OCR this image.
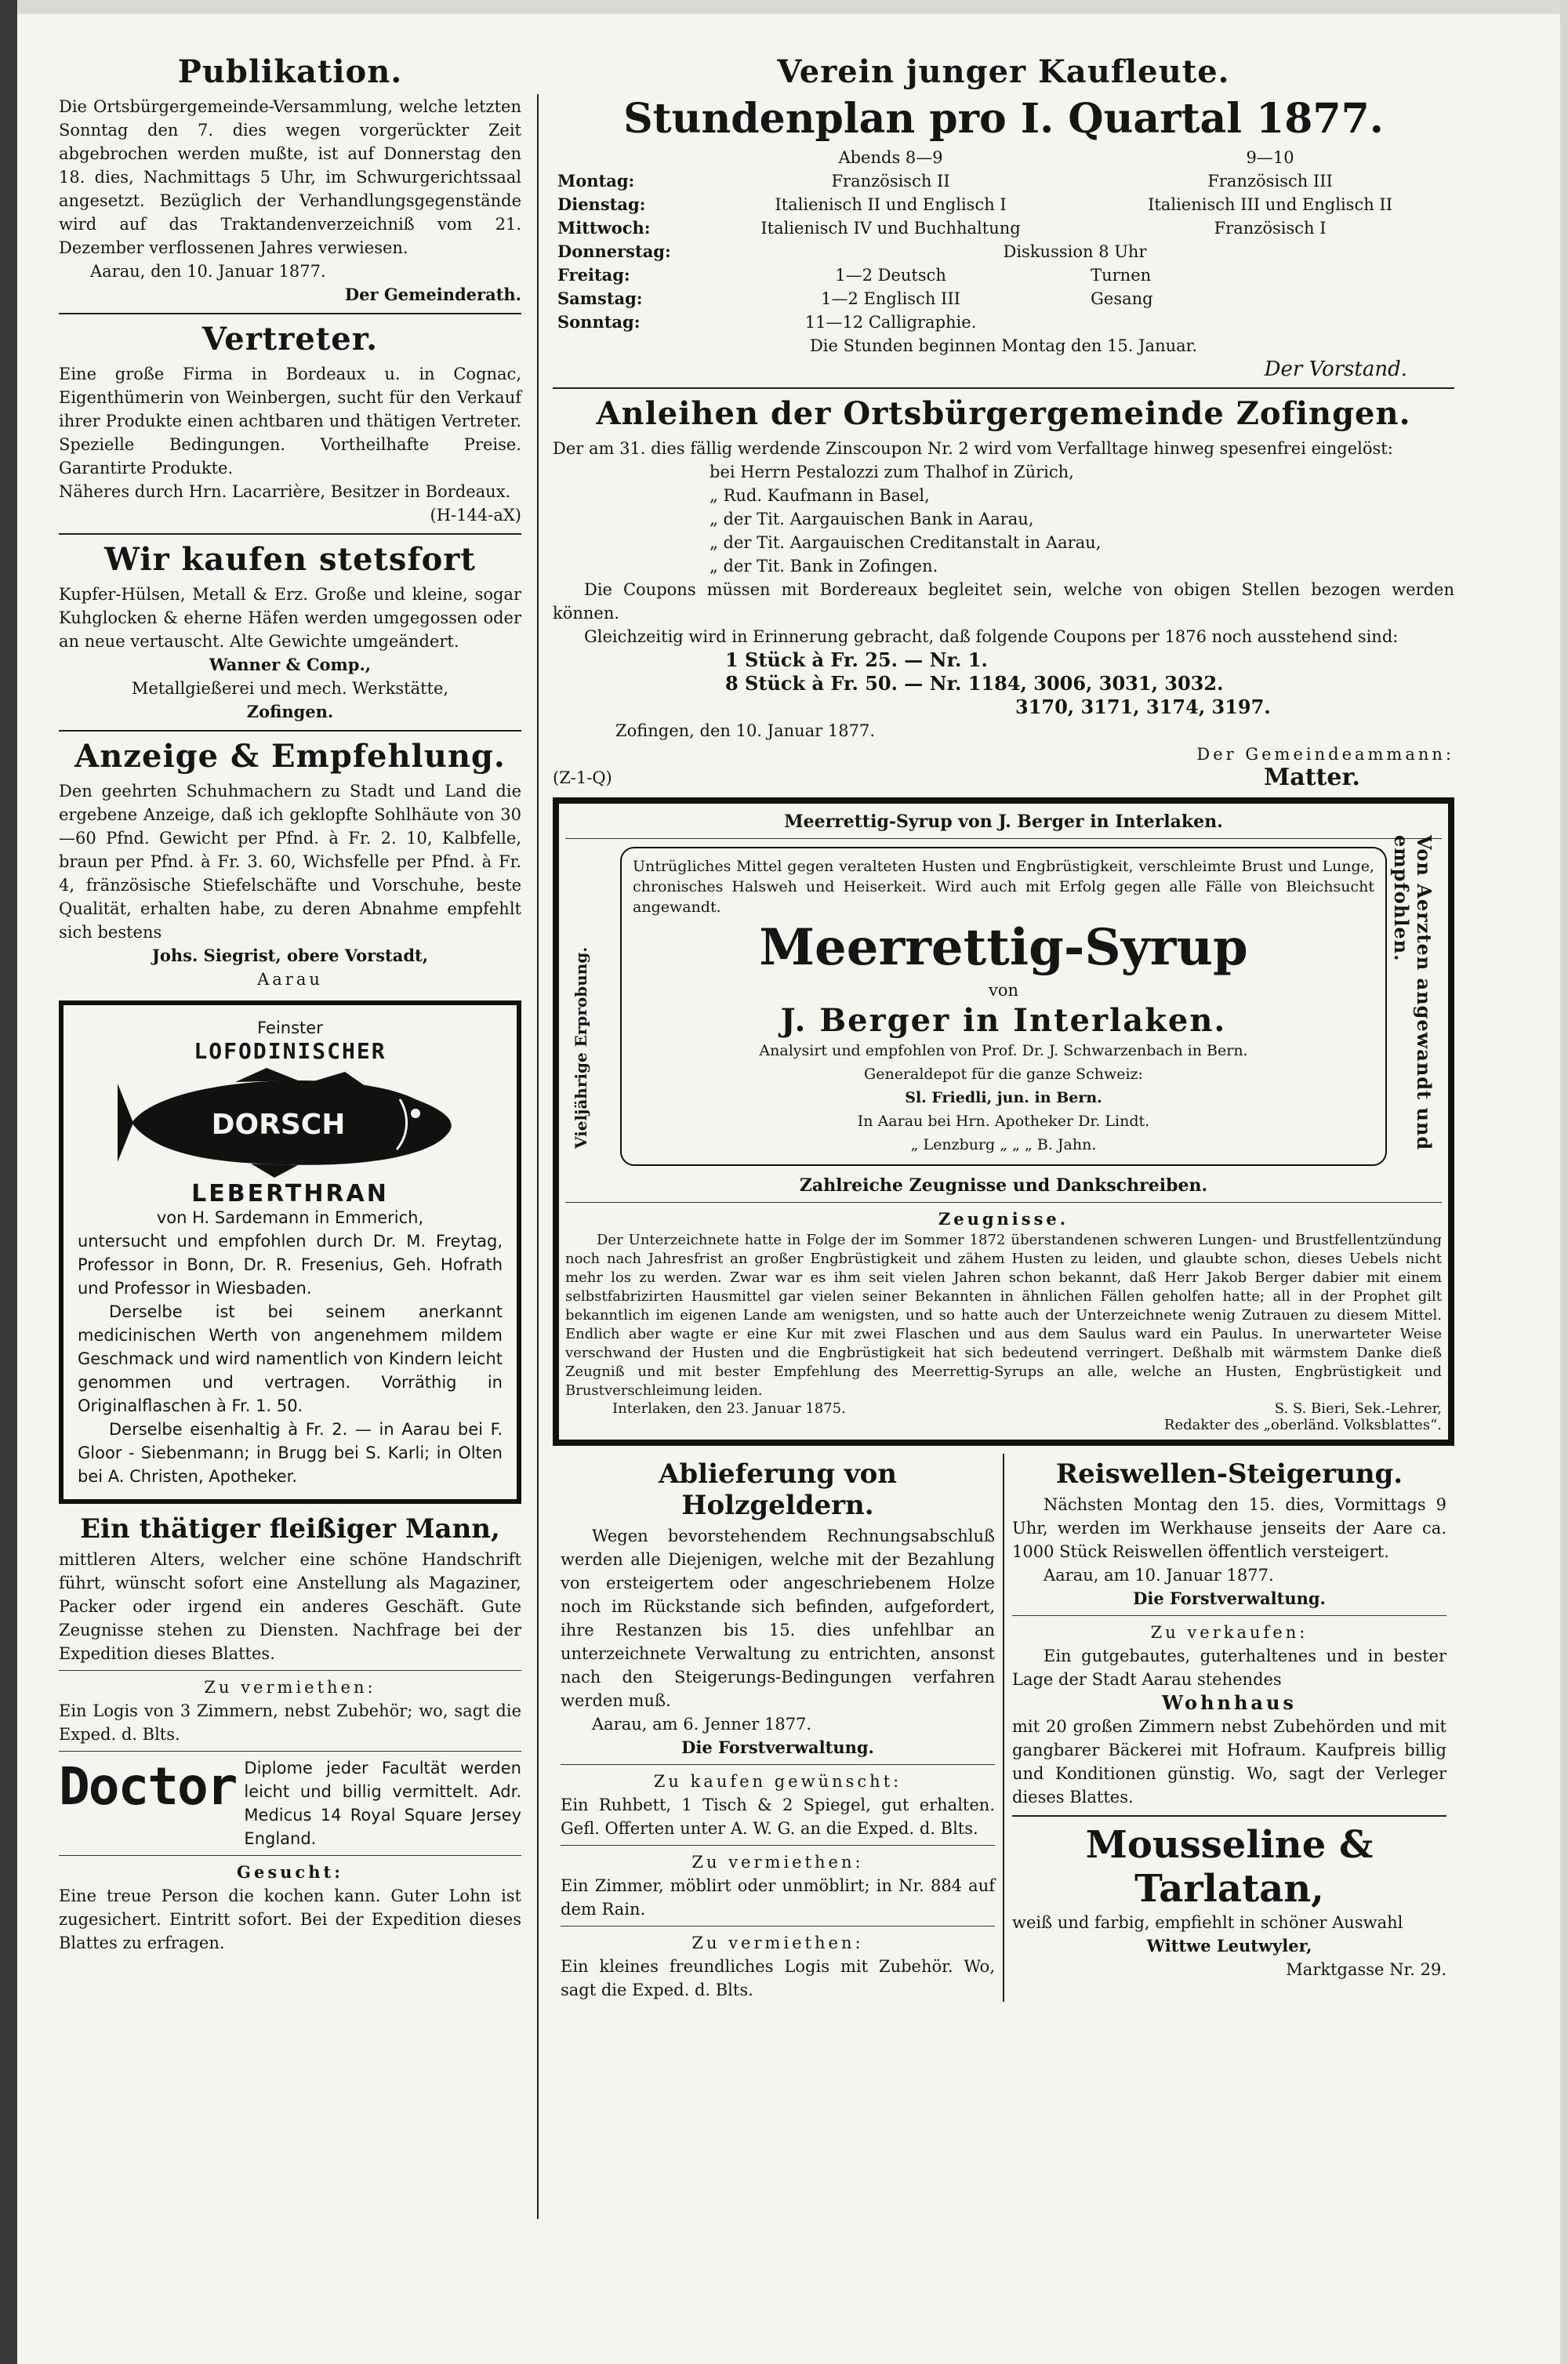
Publikation.

Die Ortsbürgergemeinde-Versammlung, welche letzten Sonntag den 7. dies wegen vorgerückter Zeit abgebrochen werden mußte, ist auf Donnerstag den 18. dies, Nachmittags 5 Uhr, im Schwurgerichtssaal angesetzt. Bezüglich der Verhandlungsgegenstände wird auf das Traktandenverzeichniß vom 21. Dezember verflossenen Jahres verwiesen.

Aarau, den 10. Januar 1877.

Der Gemeinderath.

Vertreter.

Eine große Firma in Bordeaux u. in Cognac, Eigenthümerin von Weinbergen, sucht für den Verkauf ihrer Produkte einen achtbaren und thätigen Vertreter. Spezielle Bedingungen. Vortheilhafte Preise. Garantirte Produkte.

Näheres durch Hrn. Lacarrière, Besitzer in Bordeaux.

(H-144-aX)

Wir kaufen stetsfort

Kupfer-Hülsen, Metall & Erz. Große und kleine, sogar Kuhglocken & eherne Häfen werden umgegossen oder an neue vertauscht. Alte Gewichte umgeändert.

Wanner & Comp.,

Metallgießerei und mech. Werkstätte,

Zofingen.

Anzeige & Empfehlung.

Den geehrten Schuhmachern zu Stadt und Land die ergebene Anzeige, daß ich geklopfte Sohlhäute von 30—60 Pfnd. Gewicht per Pfnd. à Fr. 2. 10, Kalbfelle, braun per Pfnd. à Fr. 3. 60, Wichsfelle per Pfnd. à Fr. 4, fränzösische Stiefelschäfte und Vorschuhe, beste Qualität, erhalten habe, zu deren Abnahme empfehlt sich bestens

Johs. Siegrist, obere Vorstadt,

Aarau

Feinster

LOFODINISCHER

DORSCH

LEBERTHRAN

von H. Sardemann in Emmerich,

untersucht und empfohlen durch Dr. M. Freytag, Professor in Bonn, Dr. R. Fresenius, Geh. Hofrath und Professor in Wiesbaden.

Derselbe ist bei seinem anerkannt medicinischen Werth von angenehmem mildem Geschmack und wird namentlich von Kindern leicht genommen und vertragen. Vorräthig in Originalflaschen à Fr. 1. 50.

Derselbe eisenhaltig à Fr. 2. — in Aarau bei F. Gloor - Siebenmann; in Brugg bei S. Karli; in Olten bei A. Christen, Apotheker.

Ein thätiger fleißiger Mann,

mittleren Alters, welcher eine schöne Handschrift führt, wünscht sofort eine Anstellung als Magaziner, Packer oder irgend ein anderes Geschäft. Gute Zeugnisse stehen zu Diensten. Nachfrage bei der Expedition dieses Blattes.

Zu vermiethen:

Ein Logis von 3 Zimmern, nebst Zubehör; wo, sagt die Exped. d. Blts.

Doctor Diplome jeder Facultät werden leicht und billig vermittelt. Adr. Medicus 14 Royal Square Jersey England.

Gesucht:

Eine treue Person die kochen kann. Guter Lohn ist zugesichert. Eintritt sofort. Bei der Expedition dieses Blattes zu erfragen.

Verein junger Kaufleute.
Stundenplan pro I. Quartal 1877.
	Abends 8—9	9—10
Montag:	Französisch II	Französisch III
Dienstag:	Italienisch II und Englisch I	Italienisch III und Englisch II
Mittwoch:	Italienisch IV und Buchhaltung	Französisch I
Donnerstag:	Diskussion 8 Uhr	
Freitag:	1—2 Deutsch	Turnen
Samstag:	1—2 Englisch III	Gesang
Sonntag:	11—12 Calligraphie.	

Die Stunden beginnen Montag den 15. Januar.

Der Vorstand.

Anleihen der Ortsbürgergemeinde Zofingen.

Der am 31. dies fällig werdende Zinscoupon Nr. 2 wird vom Verfalltage hinweg spesenfrei eingelöst:

bei Herrn Pestalozzi zum Thalhof in Zürich,

„ Rud. Kaufmann in Basel,

„ der Tit. Aargauischen Bank in Aarau,

„ der Tit. Aargauischen Creditanstalt in Aarau,

„ der Tit. Bank in Zofingen.

Die Coupons müssen mit Bordereaux begleitet sein, welche von obigen Stellen bezogen werden können.

Gleichzeitig wird in Erinnerung gebracht, daß folgende Coupons per 1876 noch ausstehend sind:

1 Stück à Fr. 25. — Nr. 1.

8 Stück à Fr. 50. — Nr. 1184, 3006, 3031, 3032.

3170, 3171, 3174, 3197.

Zofingen, den 10. Januar 1877.

Der Gemeindeammann:

(Z-1-Q)	Matter.

Meerrettig-Syrup von J. Berger in Interlaken.

Vieljährige Erprobung.	Von Aerzten angewandt und empfohlen.

Untrügliches Mittel gegen veralteten Husten und Engbrüstigkeit, verschleimte Brust und Lunge, chronisches Halsweh und Heiserkeit. Wird auch mit Erfolg gegen alle Fälle von Bleichsucht angewandt.

Meerrettig-Syrup

von

J. Berger in Interlaken.

Analysirt und empfohlen von Prof. Dr. J. Schwarzenbach in Bern.

Generaldepot für die ganze Schweiz:

Sl. Friedli, jun. in Bern.

In Aarau bei Hrn. Apotheker Dr. Lindt.

„ Lenzburg „ „ „ B. Jahn.

Zahlreiche Zeugnisse und Dankschreiben.

Zeugnisse.

Der Unterzeichnete hatte in Folge der im Sommer 1872 überstandenen schweren Lungen- und Brustfellentzündung noch nach Jahresfrist an großer Engbrüstigkeit und zähem Husten zu leiden, und glaubte schon, dieses Uebels nicht mehr los zu werden. Zwar war es ihm seit vielen Jahren schon bekannt, daß Herr Jakob Berger dabier mit einem selbstfabrizirten Hausmittel gar vielen seiner Bekannten in ähnlichen Fällen geholfen hatte; all in der Prophet gilt bekanntlich im eigenen Lande am wenigsten, und so hatte auch der Unterzeichnete wenig Zutrauen zu diesem Mittel. Endlich aber wagte er eine Kur mit zwei Flaschen und aus dem Saulus ward ein Paulus. In unerwarteter Weise verschwand der Husten und die Engbrüstigkeit hat sich bedeutend verringert. Deßhalb mit wärmstem Danke dieß Zeugniß und mit bester Empfehlung des Meerrettig-Syrups an alle, welche an Husten, Engbrüstigkeit und Brustverschleimung leiden.

Interlaken, den 23. Januar 1875.	S. S. Bieri, Sek.-Lehrer,
Redakter des „oberländ. Volksblattes“.
Ablieferung von Holzgeldern.

Wegen bevorstehendem Rechnungsabschluß werden alle Diejenigen, welche mit der Bezahlung von ersteigertem oder angeschriebenem Holze noch im Rückstande sich befinden, aufgefordert, ihre Restanzen bis 15. dies unfehlbar an unterzeichnete Verwaltung zu entrichten, ansonst nach den Steigerungs-Bedingungen verfahren werden muß.

Aarau, am 6. Jenner 1877.

Die Forstverwaltung.

Zu kaufen gewünscht:

Ein Ruhbett, 1 Tisch & 2 Spiegel, gut erhalten. Gefl. Offerten unter A. W. G. an die Exped. d. Blts.

Zu vermiethen:

Ein Zimmer, möblirt oder unmöblirt; in Nr. 884 auf dem Rain.

Zu vermiethen:

Ein kleines freundliches Logis mit Zubehör. Wo, sagt die Exped. d. Blts.

Reiswellen-Steigerung.

Nächsten Montag den 15. dies, Vormittags 9 Uhr, werden im Werkhause jenseits der Aare ca. 1000 Stück Reiswellen öffentlich versteigert.

Aarau, am 10. Januar 1877.

Die Forstverwaltung.

Zu verkaufen:

Ein gutgebautes, guterhaltenes und in bester Lage der Stadt Aarau stehendes

Wohnhaus

mit 20 großen Zimmern nebst Zubehörden und mit gangbarer Bäckerei mit Hofraum. Kaufpreis billig und Konditionen günstig. Wo, sagt der Verleger dieses Blattes.

Mousseline & Tarlatan,

weiß und farbig, empfiehlt in schöner Auswahl

Wittwe Leutwyler,

Marktgasse Nr. 29.
